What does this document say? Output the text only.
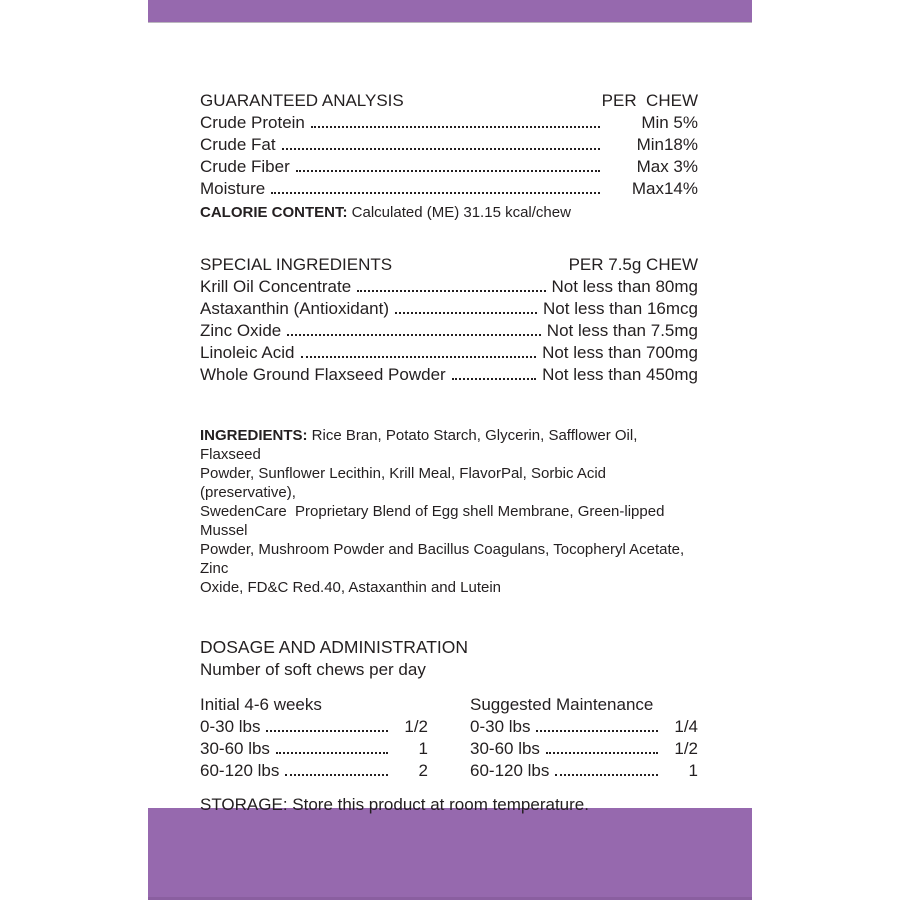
GUARANTEED ANALYSIS	PER  CHEW
Crude Protein	Min 5%
Crude Fat	Min18%
Crude Fiber	Max 3%
Moisture	Max14%
CALORIE CONTENT: Calculated (ME) 31.15 kcal/chew
SPECIAL INGREDIENTS	PER 7.5g CHEW
Krill Oil Concentrate	Not less than 80mg
Astaxanthin (Antioxidant)	Not less than 16mcg
Zinc Oxide	Not less than 7.5mg
Linoleic Acid	Not less than 700mg
Whole Ground Flaxseed Powder	Not less than 450mg
INGREDIENTS: Rice Bran, Potato Starch, Glycerin, Safflower Oil, Flaxseed
Powder, Sunflower Lecithin, Krill Meal, FlavorPal, Sorbic Acid (preservative),
SwedenCare  Proprietary Blend of Egg shell Membrane, Green-lipped Mussel
Powder, Mushroom Powder and Bacillus Coagulans, Tocopheryl Acetate, Zinc
Oxide, FD&C Red.40, Astaxanthin and Lutein
DOSAGE AND ADMINISTRATION
Number of soft chews per day
Initial 4-6 weeks
0-30 lbs	1/2
30-60 lbs	1
60-120 lbs	2
Suggested Maintenance
0-30 lbs	1/4
30-60 lbs	1/2
60-120 lbs	1
STORAGE: Store this product at room temperature.
